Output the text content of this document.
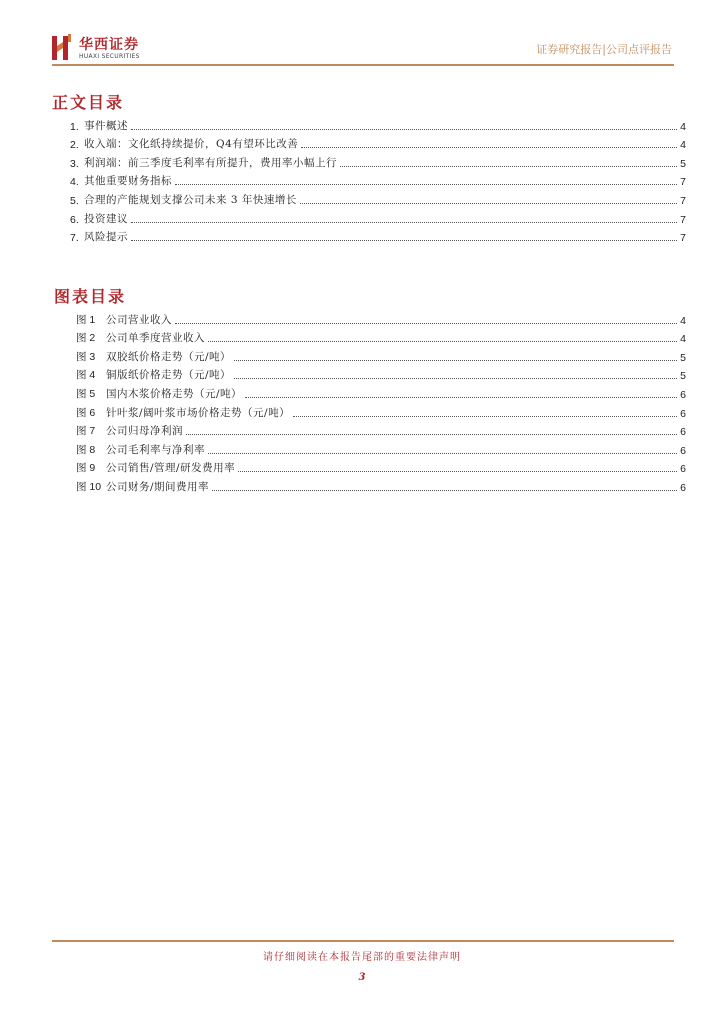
华西证券
HUAXI SECURITIES
证券研究报告|公司点评报告
正文目录
1. 事件概述	4
2. 收入端：文化纸持续提价，Q4有望环比改善	4
3. 利润端：前三季度毛利率有所提升，费用率小幅上行	5
4. 其他重要财务指标	7
5. 合理的产能规划支撑公司未来 3 年快速增长	7
6. 投资建议	7
7. 风险提示	7
图表目录
图 1	公司营业收入	4
图 2	公司单季度营业收入	4
图 3	双胶纸价格走势（元/吨）	5
图 4	铜版纸价格走势（元/吨）	5
图 5	国内木浆价格走势（元/吨）	6
图 6	针叶浆/阔叶浆市场价格走势（元/吨）	6
图 7	公司归母净利润	6
图 8	公司毛利率与净利率	6
图 9	公司销售/管理/研发费用率	6
图 10 公司财务/期间费用率	6
请仔细阅读在本报告尾部的重要法律声明
3
